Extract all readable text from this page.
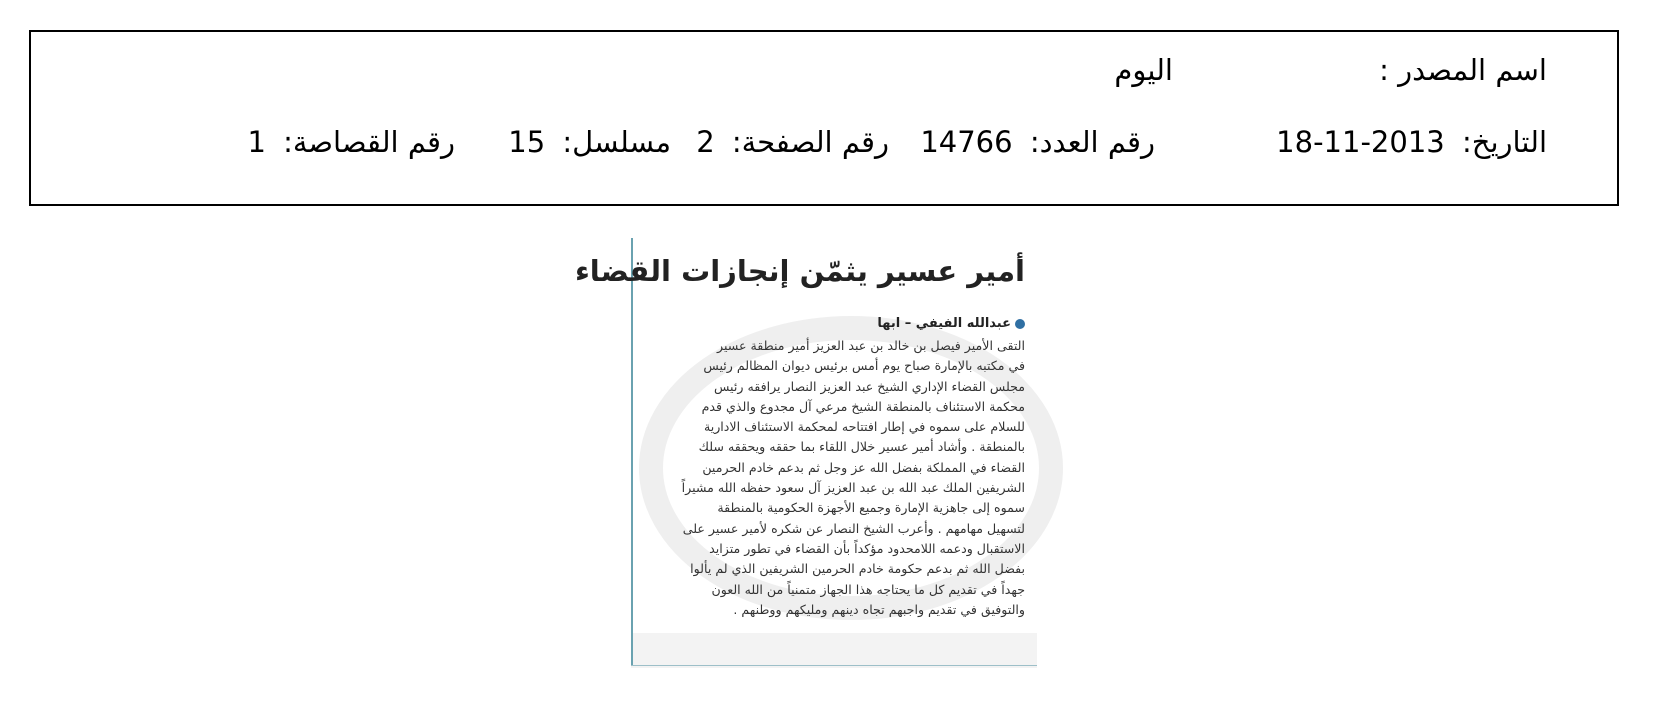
اسم المصدر :
اليوم
التاريخ: 2013-11-18
رقم العدد: 14766
رقم الصفحة: 2
مسلسل: 15
رقم القصاصة: 1
أمير عسير يثمّن إنجازات القضاء
عبدالله الفيفي – ابها
التقى الأمير فيصل بن خالد بن عبد العزيز أمير منطقة عسير
في مكتبه بالإمارة صباح يوم أمس برئيس ديوان المظالم رئيس
مجلس القضاء الإداري الشيخ عبد العزيز النصار يرافقه رئيس
محكمة الاستئناف بالمنطقة الشيخ مرعي آل مجدوع والذي قدم
للسلام على سموه في إطار افتتاحه لمحكمة الاستئناف الادارية
بالمنطقة . وأشاد أمير عسير خلال اللقاء بما حققه ويحققه سلك
القضاء في المملكة بفضل الله عز وجل ثم بدعم خادم الحرمين
الشريفين الملك عبد الله بن عبد العزيز آل سعود حفظه الله مشيراً
سموه إلى جاهزية الإمارة وجميع الأجهزة الحكومية بالمنطقة
لتسهيل مهامهم . وأعرب الشيخ النصار عن شكره لأمير عسير على
الاستقبال ودعمه اللامحدود مؤكداً بأن القضاء في تطور متزايد
بفضل الله ثم بدعم حكومة خادم الحرمين الشريفين الذي لم يألوا
جهداً في تقديم كل ما يحتاجه هذا الجهاز متمنياً من الله العون
والتوفيق في تقديم واجبهم تجاه دينهم ومليكهم ووطنهم .
